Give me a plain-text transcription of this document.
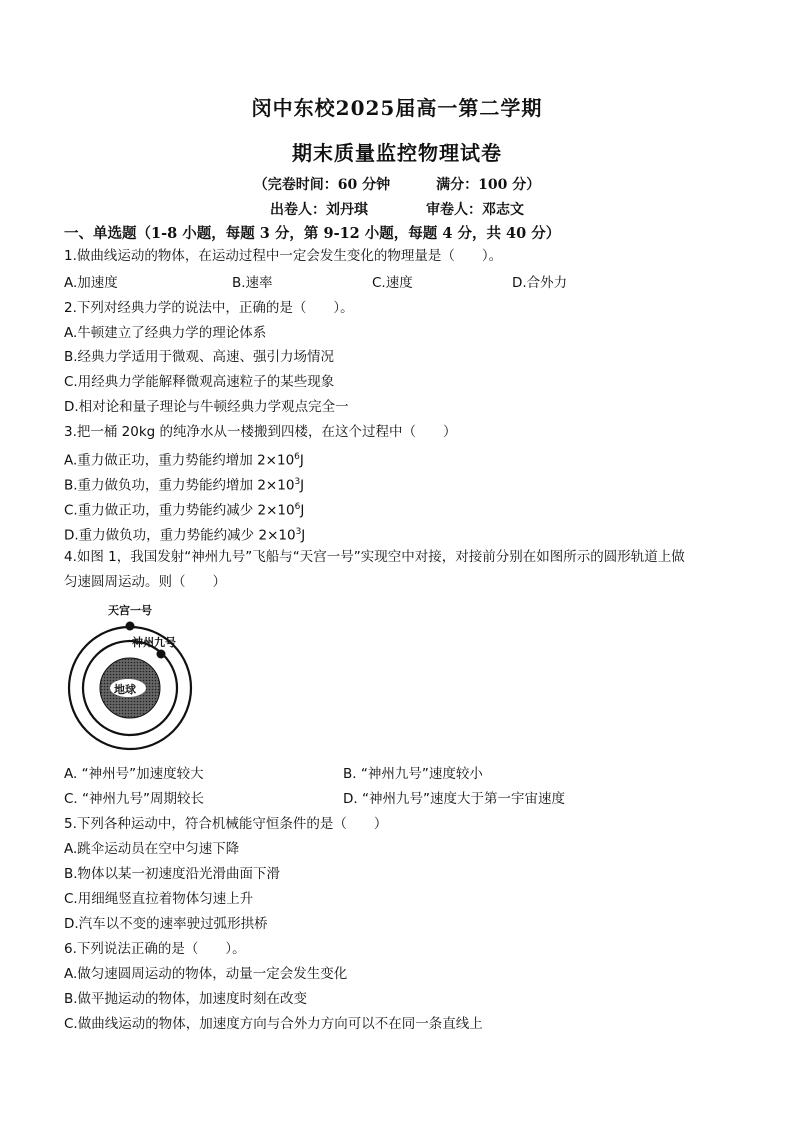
闵中东校2025届高一第二学期
期末质量监控物理试卷
（完卷时间：60 分钟	满分：100 分）
出卷人：刘丹琪	审卷人：邓志文
一、单选题（1-8 小题，每题 3 分，第 9-12 小题，每题 4 分，共 40 分）
1.做曲线运动的物体，在运动过程中一定会发生变化的物理量是（　　）。
A.加速度	B.速率	C.速度	D.合外力
2.下列对经典力学的说法中，正确的是（　　）。
A.牛顿建立了经典力学的理论体系
B.经典力学适用于微观、高速、强引力场情况
C.用经典力学能解释微观高速粒子的某些现象
D.相对论和量子理论与牛顿经典力学观点完全一
3.把一桶 20kg 的纯净水从一楼搬到四楼，在这个过程中（　　）
A.重力做正功，重力势能约增加 $2\times 10^6J$
B.重力做负功，重力势能约增加 $2\times 10^3J$
C.重力做正功，重力势能约减少 $2\times 10^6J$
D.重力做负功，重力势能约减少 $2\times 10^3J$
4.如图 1，我国发射“神州九号”飞船与“天宫一号”实现空中对接，对接前分别在如图所示的圆形轨道上做
匀速圆周运动。则（　　）
天宫一号
神州九号
地球
A. “神州号”加速度较大	B. “神州九号”速度较小
C. “神州九号”周期较长	D. “神州九号”速度大于第一宇宙速度
5.下列各种运动中，符合机械能守恒条件的是（　　）
A.跳伞运动员在空中匀速下降
B.物体以某一初速度沿光滑曲面下滑
C.用细绳竖直拉着物体匀速上升
D.汽车以不变的速率驶过弧形拱桥
6.下列说法正确的是（　　）。
A.做匀速圆周运动的物体，动量一定会发生变化
B.做平抛运动的物体，加速度时刻在改变
C.做曲线运动的物体，加速度方向与合外力方向可以不在同一条直线上
